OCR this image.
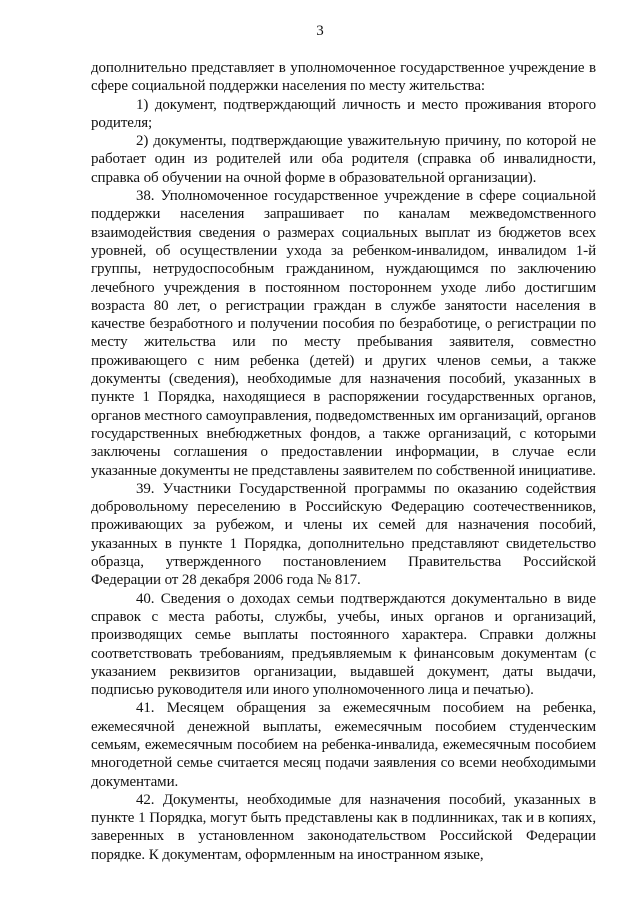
3

дополнительно представляет в уполномоченное государственное учреждение в сфере социальной поддержки населения по месту жительства:

1) документ, подтверждающий личность и место проживания второго родителя;

2) документы, подтверждающие уважительную причину, по которой не работает один из родителей или оба родителя (справка об инвалидности, справка об обучении на очной форме в образовательной организации).

38. Уполномоченное государственное учреждение в сфере социальной поддержки населения запрашивает по каналам межведомственного взаимодействия сведения о размерах социальных выплат из бюджетов всех уровней, об осуществлении ухода за ребенком-инвалидом, инвалидом 1-й группы, нетрудоспособным гражданином, нуждающимся по заключению лечебного учреждения в постоянном постороннем уходе либо достигшим возраста 80 лет, о регистрации граждан в службе занятости населения в качестве безработного и получении пособия по безработице, о регистрации по месту жительства или по месту пребывания заявителя, совместно проживающего с ним ребенка (детей) и других членов семьи, а также документы (сведения), необходимые для назначения пособий, указанных в пункте 1 Порядка, находящиеся в распоряжении государственных органов, органов местного самоуправления, подведомственных им организаций, органов государственных внебюджетных фондов, а также организаций, с которыми заключены соглашения о предоставлении информации, в случае если указанные документы не представлены заявителем по собственной инициативе.

39. Участники Государственной программы по оказанию содействия добровольному переселению в Российскую Федерацию соотечественников, проживающих за рубежом, и члены их семей для назначения пособий, указанных в пункте 1 Порядка, дополнительно представляют свидетельство образца, утвержденного постановлением Правительства Российской Федерации от 28 декабря 2006 года № 817.

40. Сведения о доходах семьи подтверждаются документально в виде справок с места работы, службы, учебы, иных органов и организаций, производящих семье выплаты постоянного характера. Справки должны соответствовать требованиям, предъявляемым к финансовым документам (с указанием реквизитов организации, выдавшей документ, даты выдачи, подписью руководителя или иного уполномоченного лица и печатью).

41. Месяцем обращения за ежемесячным пособием на ребенка, ежемесячной денежной выплаты, ежемесячным пособием студенческим семьям, ежемесячным пособием на ребенка-инвалида, ежемесячным пособием многодетной семье считается месяц подачи заявления со всеми необходимыми документами.

42. Документы, необходимые для назначения пособий, указанных в пункте 1 Порядка, могут быть представлены как в подлинниках, так и в копиях, заверенных в установленном законодательством Российской Федерации порядке. К документам, оформленным на иностранном языке,
